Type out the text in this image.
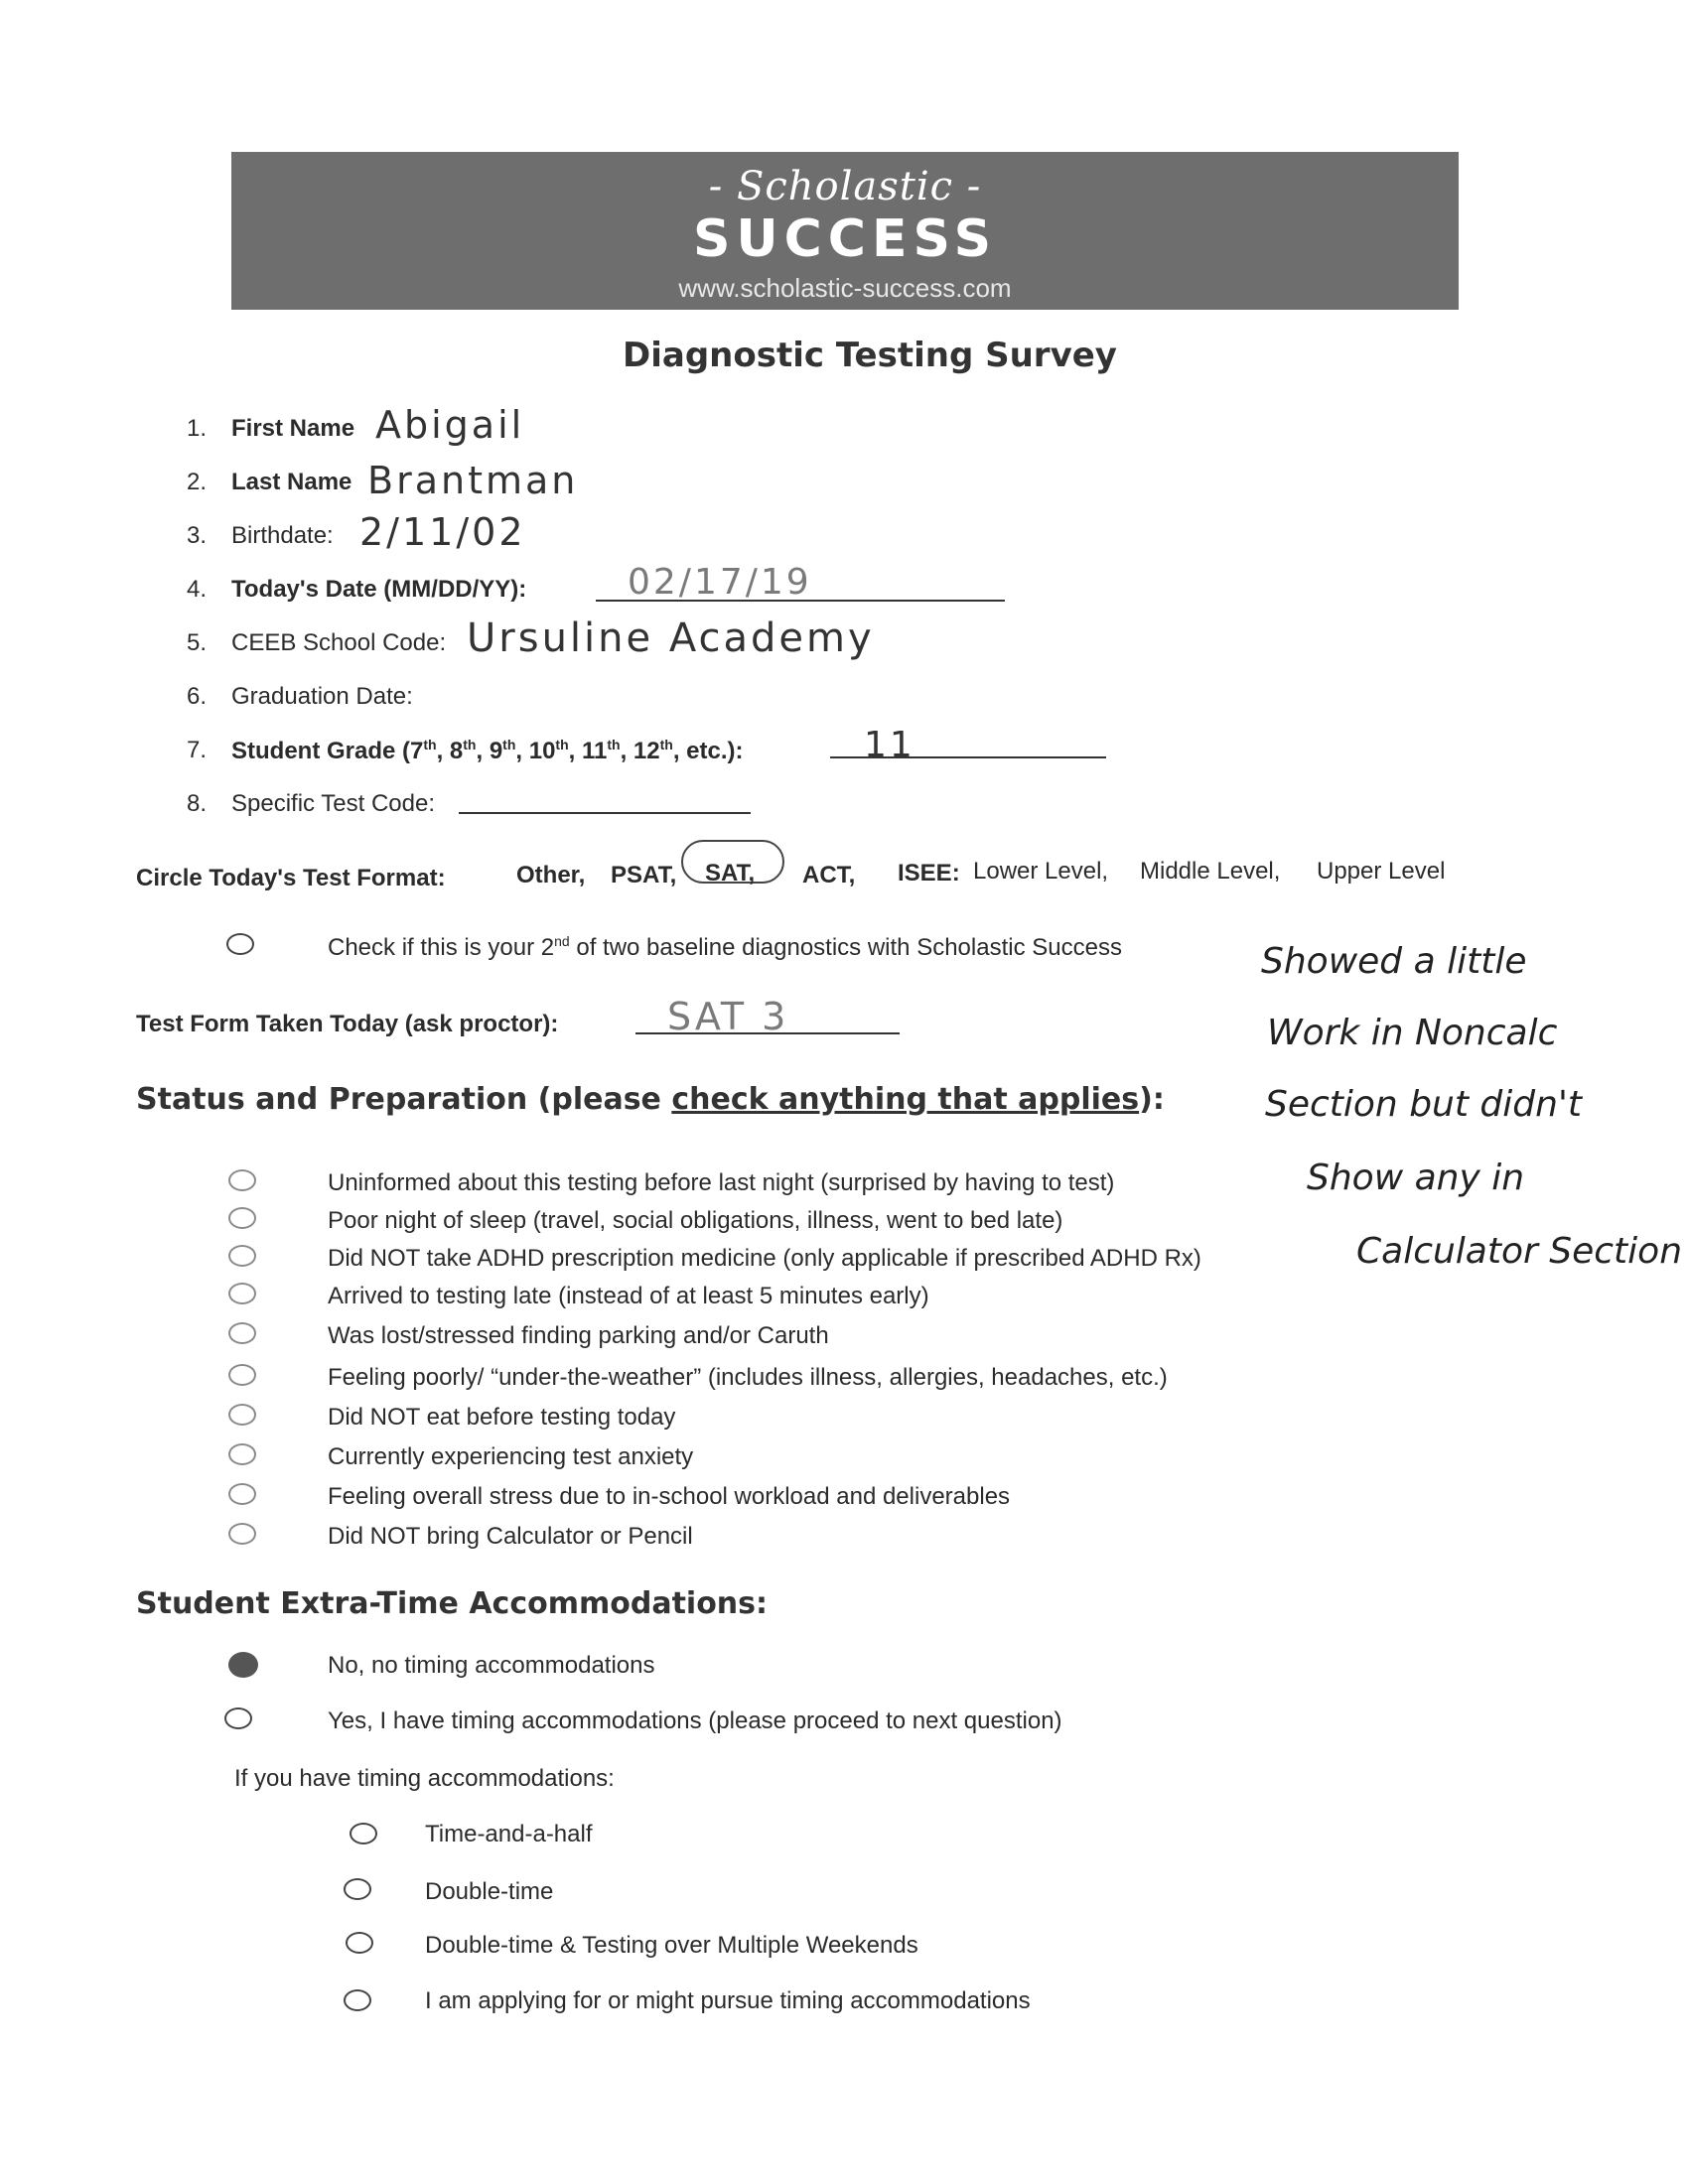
- Scholastic -
SUCCESS
www.scholastic-success.com
Diagnostic Testing Survey
1. First Name Abigail
2. Last Name Brantman
3. Birthdate: 2/11/02
4. Today's Date (MM/DD/YY):	02/17/19
5. CEEB School Code: Ursuline Academy
6. Graduation Date:
7. Student Grade (7th, 8th, 9th, 10th, 11th, 12th, etc.):	11
8. Specific Test Code:
Circle Today's Test Format:	Other, PSAT, SAT, ACT, ISEE: Lower Level, Middle Level, Upper Level
Check if this is your 2nd of two baseline diagnostics with Scholastic Success
Test Form Taken Today (ask proctor):	SAT 3
Status and Preparation (please check anything that applies):
Uninformed about this testing before last night (surprised by having to test)
Poor night of sleep (travel, social obligations, illness, went to bed late)
Did NOT take ADHD prescription medicine (only applicable if prescribed ADHD Rx)
Arrived to testing late (instead of at least 5 minutes early)
Was lost/stressed finding parking and/or Caruth
Feeling poorly/ “under-the-weather” (includes illness, allergies, headaches, etc.)
Did NOT eat before testing today
Currently experiencing test anxiety
Feeling overall stress due to in-school workload and deliverables
Did NOT bring Calculator or Pencil
Showed a little
Work in Noncalc
Section but didn't
Show any in
Calculator Section
Student Extra-Time Accommodations:
No, no timing accommodations
Yes, I have timing accommodations (please proceed to next question)
If you have timing accommodations:
Time-and-a-half
Double-time
Double-time & Testing over Multiple Weekends
I am applying for or might pursue timing accommodations
